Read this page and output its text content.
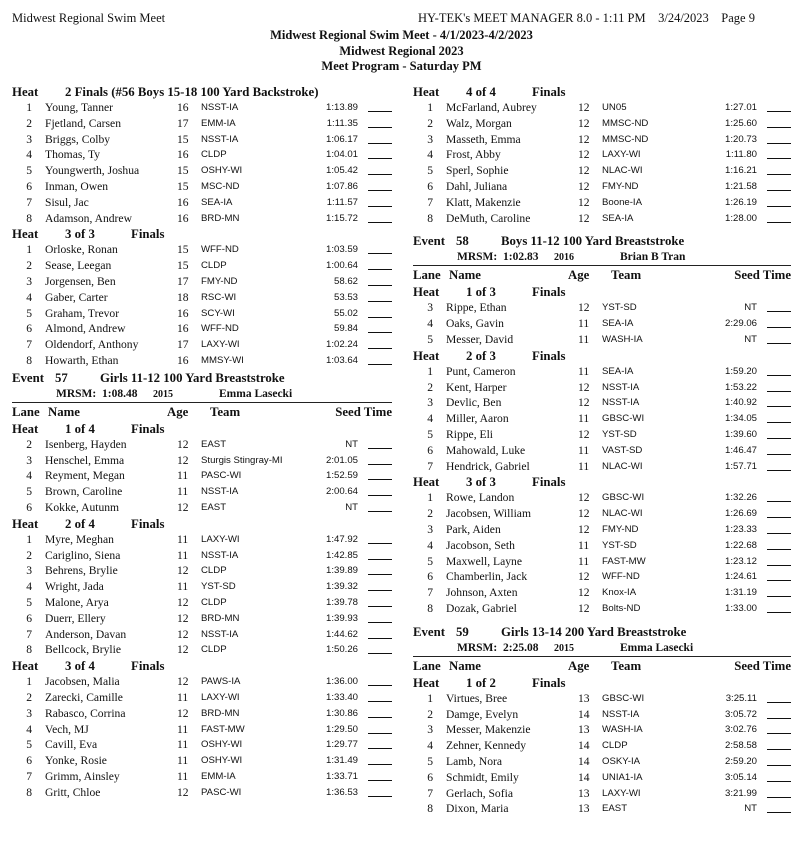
Midwest Regional Swim Meet	HY-TEK's MEET MANAGER 8.0 - 1:11 PM    3/24/2023    Page 9
Midwest Regional Swim Meet - 4/1/2023-4/2/2023
Midwest Regional 2023
Meet Program - Saturday PM
Heat 2 Finals (#56 Boys 15-18 100 Yard Backstroke)
1 Young, Tanner	16 NSST-IA	1:13.89
2 Fjetland, Carsen	17 EMM-IA	1:11.35
3 Briggs, Colby	15 NSST-IA	1:06.17
4 Thomas, Ty	16 CLDP	1:04.01
5 Youngwerth, Joshua	15 OSHY-WI	1:05.42
6 Inman, Owen	15 MSC-ND	1:07.86
7 Sisul, Jac	16 SEA-IA	1:11.57
8 Adamson, Andrew	16 BRD-MN	1:15.72
Heat 3 of 3	Finals
1 Orloske, Ronan	15 WFF-ND	1:03.59
2 Sease, Leegan	15 CLDP	1:00.64
3 Jorgensen, Ben	17 FMY-ND	58.62
4 Gaber, Carter	18 RSC-WI	53.53
5 Graham, Trevor	16 SCY-WI	55.02
6 Almond, Andrew	16 WFF-ND	59.84
7 Oldendorf, Anthony	17 LAXY-WI	1:02.24
8 Howarth, Ethan	16 MMSY-WI	1:03.64
Event 57	Girls 11-12 100 Yard Breaststroke
MRSM: 1:08.48 2015	Emma Lasecki
Lane Name	Age Team	Seed Time
Heat 1 of 4	Finals
2 Isenberg, Hayden	12 EAST	NT
3 Henschel, Emma	12 Sturgis Stingray-MI	2:01.05
4 Reyment, Megan	11 PASC-WI	1:52.59
5 Brown, Caroline	11 NSST-IA	2:00.64
6 Kokke, Autunm	12 EAST	NT
Heat 2 of 4	Finals
1 Myre, Meghan	11 LAXY-WI	1:47.92
2 Cariglino, Siena	11 NSST-IA	1:42.85
3 Behrens, Brylie	12 CLDP	1:39.89
4 Wright, Jada	11 YST-SD	1:39.32
5 Malone, Arya	12 CLDP	1:39.78
6 Duerr, Ellery	12 BRD-MN	1:39.93
7 Anderson, Davan	12 NSST-IA	1:44.62
8 Bellcock, Brylie	12 CLDP	1:50.26
Heat 3 of 4	Finals
1 Jacobsen, Malia	12 PAWS-IA	1:36.00
2 Zarecki, Camille	11 LAXY-WI	1:33.40
3 Rabasco, Corrina	12 BRD-MN	1:30.86
4 Vech, MJ	11 FAST-MW	1:29.50
5 Cavill, Eva	11 OSHY-WI	1:29.77
6 Yonke, Rosie	11 OSHY-WI	1:31.49
7 Grimm, Ainsley	11 EMM-IA	1:33.71
8 Gritt, Chloe	12 PASC-WI	1:36.53
Heat 4 of 4	Finals
1 McFarland, Aubrey	12 UN05	1:27.01
2 Walz, Morgan	12 MMSC-ND	1:25.60
3 Masseth, Emma	12 MMSC-ND	1:20.73
4 Frost, Abby	12 LAXY-WI	1:11.80
5 Sperl, Sophie	12 NLAC-WI	1:16.21
6 Dahl, Juliana	12 FMY-ND	1:21.58
7 Klatt, Makenzie	12 Boone-IA	1:26.19
8 DeMuth, Caroline	12 SEA-IA	1:28.00
Event 58	Boys 11-12 100 Yard Breaststroke
MRSM: 1:02.83 2016	Brian B Tran
Lane Name	Age Team	Seed Time
Heat 1 of 3	Finals
3 Rippe, Ethan	12 YST-SD	NT
4 Oaks, Gavin	11 SEA-IA	2:29.06
5 Messer, David	11 WASH-IA	NT
Heat 2 of 3	Finals
1 Punt, Cameron	11 SEA-IA	1:59.20
2 Kent, Harper	12 NSST-IA	1:53.22
3 Devlic, Ben	12 NSST-IA	1:40.92
4 Miller, Aaron	11 GBSC-WI	1:34.05
5 Rippe, Eli	12 YST-SD	1:39.60
6 Mahowald, Luke	11 VAST-SD	1:46.47
7 Hendrick, Gabriel	11 NLAC-WI	1:57.71
Heat 3 of 3	Finals
1 Rowe, Landon	12 GBSC-WI	1:32.26
2 Jacobsen, William	12 NLAC-WI	1:26.69
3 Park, Aiden	12 FMY-ND	1:23.33
4 Jacobson, Seth	11 YST-SD	1:22.68
5 Maxwell, Layne	11 FAST-MW	1:23.12
6 Chamberlin, Jack	12 WFF-ND	1:24.61
7 Johnson, Axten	12 Knox-IA	1:31.19
8 Dozak, Gabriel	12 Bolts-ND	1:33.00
Event 59	Girls 13-14 200 Yard Breaststroke
MRSM: 2:25.08 2015	Emma Lasecki
Lane Name	Age Team	Seed Time
Heat 1 of 2	Finals
1 Virtues, Bree	13 GBSC-WI	3:25.11
2 Damge, Evelyn	14 NSST-IA	3:05.72
3 Messer, Makenzie	13 WASH-IA	3:02.76
4 Zehner, Kennedy	14 CLDP	2:58.58
5 Lamb, Nora	14 OSKY-IA	2:59.20
6 Schmidt, Emily	14 UNIA1-IA	3:05.14
7 Gerlach, Sofia	13 LAXY-WI	3:21.99
8 Dixon, Maria	13 EAST	NT
